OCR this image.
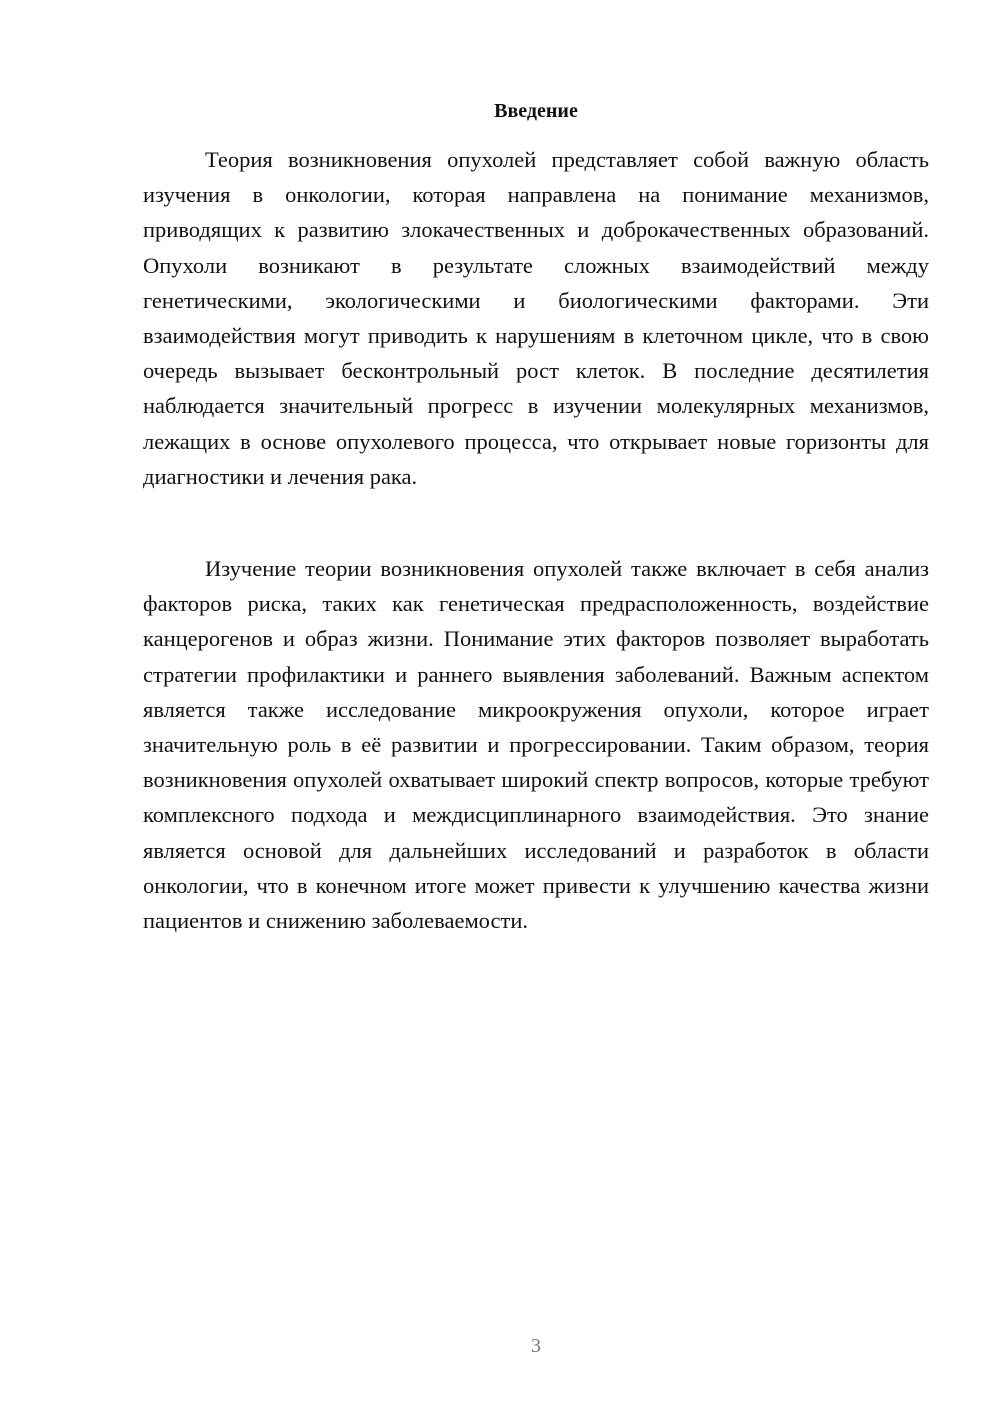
Введение

Теория возникновения опухолей представляет собой важную область изучения в онкологии, которая направлена на понимание механизмов, приводящих к развитию злокачественных и доброкачественных образований. Опухоли возникают в результате сложных взаимодействий между генетическими, экологическими и биологическими факторами. Эти взаимодействия могут приводить к нарушениям в клеточном цикле, что в свою очередь вызывает бесконтрольный рост клеток. В последние десятилетия наблюдается значительный прогресс в изучении молекулярных механизмов, лежащих в основе опухолевого процесса, что открывает новые горизонты для диагностики и лечения рака.

Изучение теории возникновения опухолей также включает в себя анализ факторов риска, таких как генетическая предрасположенность, воздействие канцерогенов и образ жизни. Понимание этих факторов позволяет выработать стратегии профилактики и раннего выявления заболеваний. Важным аспектом является также исследование микроокружения опухоли, которое играет значительную роль в её развитии и прогрессировании. Таким образом, теория возникновения опухолей охватывает широкий спектр вопросов, которые требуют комплексного подхода и междисциплинарного взаимодействия. Это знание является основой для дальнейших исследований и разработок в области онкологии, что в конечном итоге может привести к улучшению качества жизни пациентов и снижению заболеваемости.

3
